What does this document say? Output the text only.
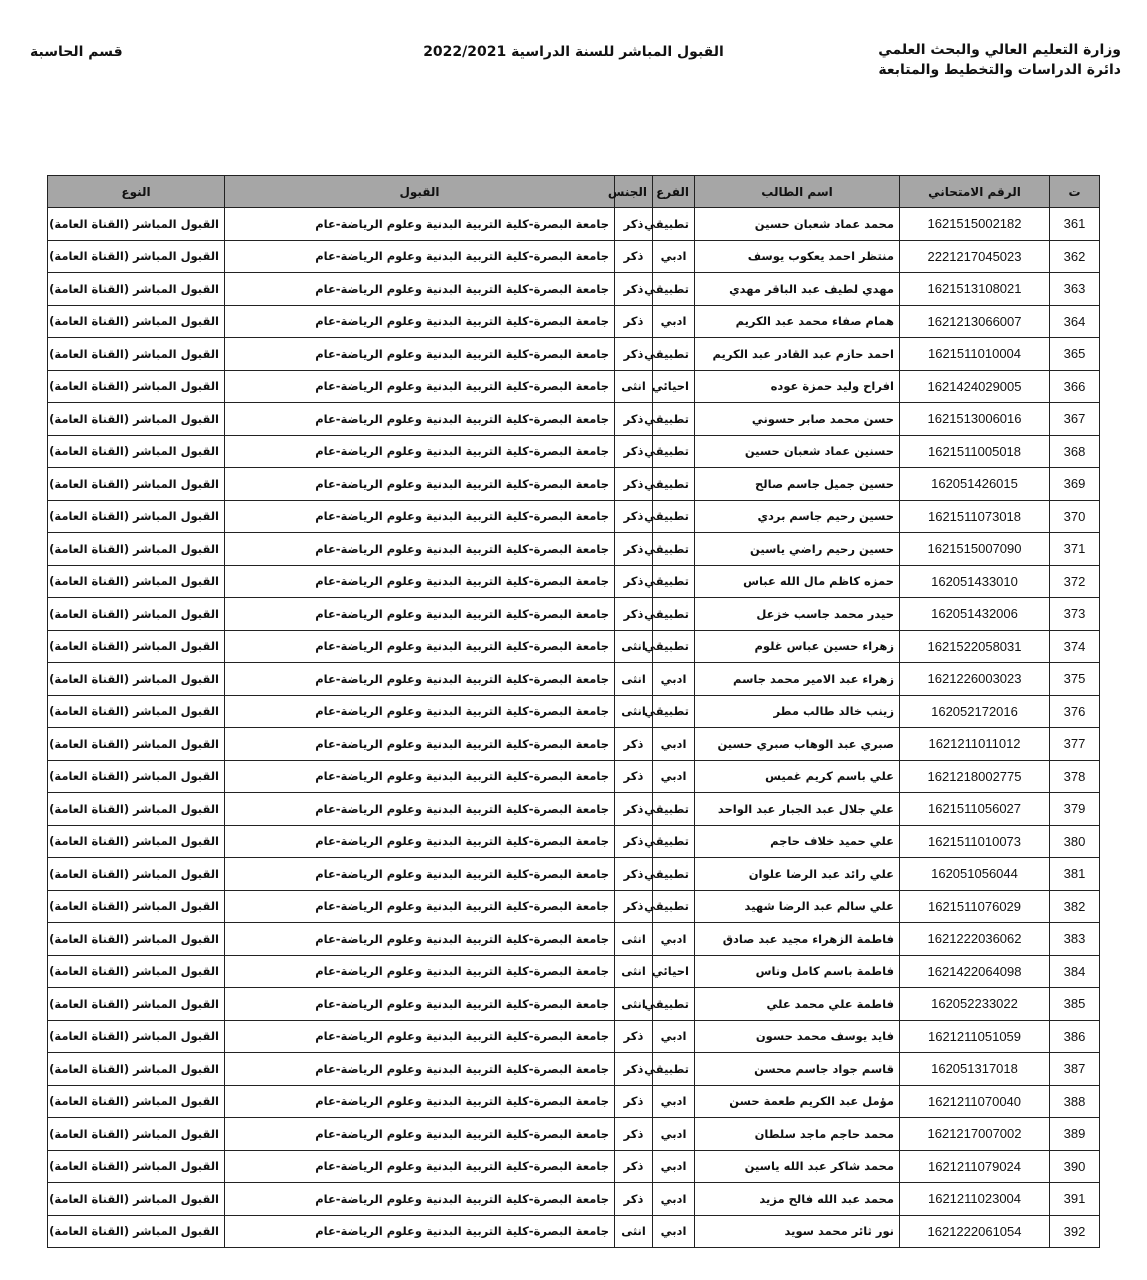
وزارة التعليم العالي والبحث العلمي
دائرة الدراسات والتخطيط والمتابعة
القبول المباشر للسنة الدراسية 2022/2021
قسم الحاسبة
ت	الرقم الامتحاني	اسم الطالب	الفرع	الجنس	القبول	النوع
361	1621515002182	محمد عماد شعبان حسين	تطبيقي	ذكر	جامعة البصرة-كلية التربية البدنية وعلوم الرياضة-عام	القبول المباشر (القناة العامة)
362	2221217045023	منتظر احمد يعكوب يوسف	ادبي	ذكر	جامعة البصرة-كلية التربية البدنية وعلوم الرياضة-عام	القبول المباشر (القناة العامة)
363	1621513108021	مهدي لطيف عبد الباقر مهدي	تطبيقي	ذكر	جامعة البصرة-كلية التربية البدنية وعلوم الرياضة-عام	القبول المباشر (القناة العامة)
364	1621213066007	همام صفاء محمد عبد الكريم	ادبي	ذكر	جامعة البصرة-كلية التربية البدنية وعلوم الرياضة-عام	القبول المباشر (القناة العامة)
365	1621511010004	احمد حازم عبد القادر عبد الكريم	تطبيقي	ذكر	جامعة البصرة-كلية التربية البدنية وعلوم الرياضة-عام	القبول المباشر (القناة العامة)
366	1621424029005	افراح وليد حمزة عوده	احيائي	انثى	جامعة البصرة-كلية التربية البدنية وعلوم الرياضة-عام	القبول المباشر (القناة العامة)
367	1621513006016	حسن محمد صابر حسوني	تطبيقي	ذكر	جامعة البصرة-كلية التربية البدنية وعلوم الرياضة-عام	القبول المباشر (القناة العامة)
368	1621511005018	حسنين عماد شعبان حسين	تطبيقي	ذكر	جامعة البصرة-كلية التربية البدنية وعلوم الرياضة-عام	القبول المباشر (القناة العامة)
369	162051426015	حسين جميل جاسم صالح	تطبيقي	ذكر	جامعة البصرة-كلية التربية البدنية وعلوم الرياضة-عام	القبول المباشر (القناة العامة)
370	1621511073018	حسين رحيم جاسم بردي	تطبيقي	ذكر	جامعة البصرة-كلية التربية البدنية وعلوم الرياضة-عام	القبول المباشر (القناة العامة)
371	1621515007090	حسين رحيم راضي ياسين	تطبيقي	ذكر	جامعة البصرة-كلية التربية البدنية وعلوم الرياضة-عام	القبول المباشر (القناة العامة)
372	162051433010	حمزه كاظم مال الله عباس	تطبيقي	ذكر	جامعة البصرة-كلية التربية البدنية وعلوم الرياضة-عام	القبول المباشر (القناة العامة)
373	162051432006	حيدر محمد جاسب خزعل	تطبيقي	ذكر	جامعة البصرة-كلية التربية البدنية وعلوم الرياضة-عام	القبول المباشر (القناة العامة)
374	1621522058031	زهراء حسين عباس غلوم	تطبيقي	انثى	جامعة البصرة-كلية التربية البدنية وعلوم الرياضة-عام	القبول المباشر (القناة العامة)
375	1621226003023	زهراء عبد الامير محمد جاسم	ادبي	انثى	جامعة البصرة-كلية التربية البدنية وعلوم الرياضة-عام	القبول المباشر (القناة العامة)
376	162052172016	زينب خالد طالب مطر	تطبيقي	انثى	جامعة البصرة-كلية التربية البدنية وعلوم الرياضة-عام	القبول المباشر (القناة العامة)
377	1621211011012	صبري عبد الوهاب صبري حسين	ادبي	ذكر	جامعة البصرة-كلية التربية البدنية وعلوم الرياضة-عام	القبول المباشر (القناة العامة)
378	1621218002775	علي باسم كريم غميس	ادبي	ذكر	جامعة البصرة-كلية التربية البدنية وعلوم الرياضة-عام	القبول المباشر (القناة العامة)
379	1621511056027	علي جلال عبد الجبار عبد الواحد	تطبيقي	ذكر	جامعة البصرة-كلية التربية البدنية وعلوم الرياضة-عام	القبول المباشر (القناة العامة)
380	1621511010073	علي حميد خلاف حاجم	تطبيقي	ذكر	جامعة البصرة-كلية التربية البدنية وعلوم الرياضة-عام	القبول المباشر (القناة العامة)
381	162051056044	علي رائد عبد الرضا علوان	تطبيقي	ذكر	جامعة البصرة-كلية التربية البدنية وعلوم الرياضة-عام	القبول المباشر (القناة العامة)
382	1621511076029	علي سالم عبد الرضا شهيد	تطبيقي	ذكر	جامعة البصرة-كلية التربية البدنية وعلوم الرياضة-عام	القبول المباشر (القناة العامة)
383	1621222036062	فاطمة الزهراء مجيد عبد صادق	ادبي	انثى	جامعة البصرة-كلية التربية البدنية وعلوم الرياضة-عام	القبول المباشر (القناة العامة)
384	1621422064098	فاطمة باسم كامل وناس	احيائي	انثى	جامعة البصرة-كلية التربية البدنية وعلوم الرياضة-عام	القبول المباشر (القناة العامة)
385	162052233022	فاطمة علي محمد علي	تطبيقي	انثى	جامعة البصرة-كلية التربية البدنية وعلوم الرياضة-عام	القبول المباشر (القناة العامة)
386	1621211051059	فايد يوسف محمد حسون	ادبي	ذكر	جامعة البصرة-كلية التربية البدنية وعلوم الرياضة-عام	القبول المباشر (القناة العامة)
387	162051317018	قاسم جواد جاسم محسن	تطبيقي	ذكر	جامعة البصرة-كلية التربية البدنية وعلوم الرياضة-عام	القبول المباشر (القناة العامة)
388	1621211070040	مؤمل عبد الكريم طعمة حسن	ادبي	ذكر	جامعة البصرة-كلية التربية البدنية وعلوم الرياضة-عام	القبول المباشر (القناة العامة)
389	1621217007002	محمد حاجم ماجد سلطان	ادبي	ذكر	جامعة البصرة-كلية التربية البدنية وعلوم الرياضة-عام	القبول المباشر (القناة العامة)
390	1621211079024	محمد شاكر عبد الله ياسين	ادبي	ذكر	جامعة البصرة-كلية التربية البدنية وعلوم الرياضة-عام	القبول المباشر (القناة العامة)
391	1621211023004	محمد عبد الله فالح مزيد	ادبي	ذكر	جامعة البصرة-كلية التربية البدنية وعلوم الرياضة-عام	القبول المباشر (القناة العامة)
392	1621222061054	نور ثائر محمد سويد	ادبي	انثى	جامعة البصرة-كلية التربية البدنية وعلوم الرياضة-عام	القبول المباشر (القناة العامة)
